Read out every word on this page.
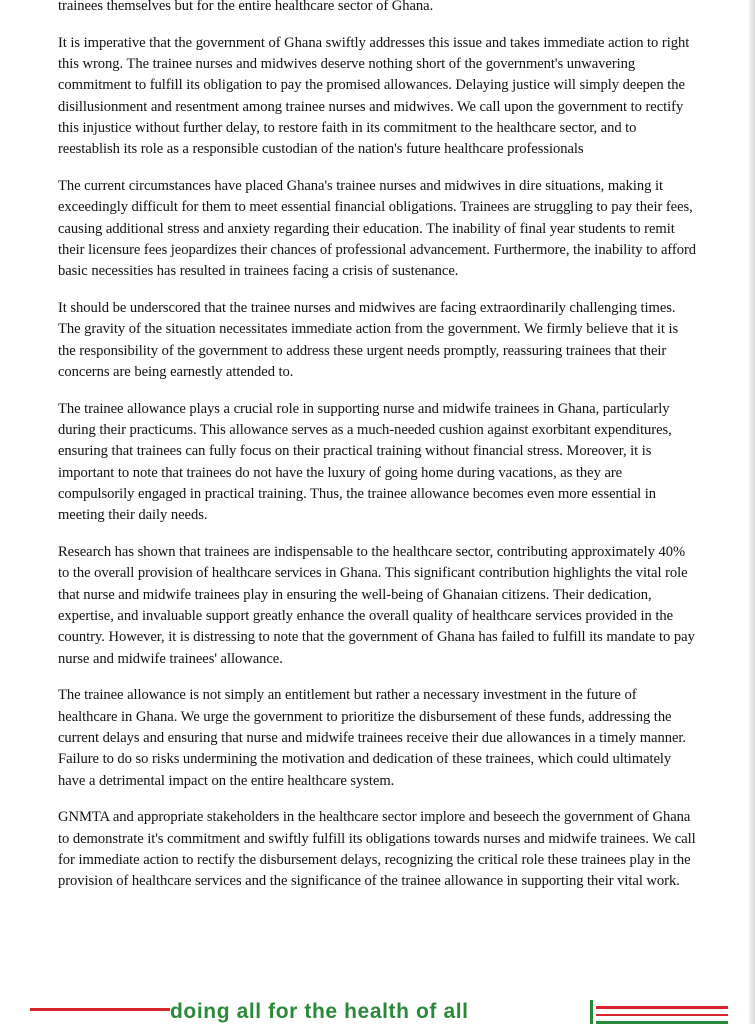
trainees themselves but for the entire healthcare sector of Ghana.

It is imperative that the government of Ghana swiftly addresses this issue and takes immediate action to right this wrong. The trainee nurses and midwives deserve nothing short of the government's unwavering commitment to fulfill its obligation to pay the promised allowances. Delaying justice will simply deepen the disillusionment and resentment among trainee nurses and midwives. We call upon the government to rectify this injustice without further delay, to restore faith in its commitment to the healthcare sector, and to reestablish its role as a responsible custodian of the nation's future healthcare professionals

The current circumstances have placed Ghana's trainee nurses and midwives in dire situations, making it exceedingly difficult for them to meet essential financial obligations. Trainees are struggling to pay their fees, causing additional stress and anxiety regarding their education. The inability of final year students to remit their licensure fees jeopardizes their chances of professional advancement. Furthermore, the inability to afford basic necessities has resulted in trainees facing a crisis of sustenance.

It should be underscored that the trainee nurses and midwives are facing extraordinarily challenging times. The gravity of the situation necessitates immediate action from the government. We firmly believe that it is the responsibility of the government to address these urgent needs promptly, reassuring trainees that their concerns are being earnestly attended to.

The trainee allowance plays a crucial role in supporting nurse and midwife trainees in Ghana, particularly during their practicums. This allowance serves as a much-needed cushion against exorbitant expenditures, ensuring that trainees can fully focus on their practical training without financial stress. Moreover, it is important to note that trainees do not have the luxury of going home during vacations, as they are compulsorily engaged in practical training. Thus, the trainee allowance becomes even more essential in meeting their daily needs.

Research has shown that trainees are indispensable to the healthcare sector, contributing approximately 40% to the overall provision of healthcare services in Ghana. This significant contribution highlights the vital role that nurse and midwife trainees play in ensuring the well-being of Ghanaian citizens. Their dedication, expertise, and invaluable support greatly enhance the overall quality of healthcare services provided in the country. However, it is distressing to note that the government of Ghana has failed to fulfill its mandate to pay nurse and midwife trainees' allowance.

The trainee allowance is not simply an entitlement but rather a necessary investment in the future of healthcare in Ghana. We urge the government to prioritize the disbursement of these funds, addressing the current delays and ensuring that nurse and midwife trainees receive their due allowances in a timely manner. Failure to do so risks undermining the motivation and dedication of these trainees, which could ultimately have a detrimental impact on the entire healthcare system.

GNMTA and appropriate stakeholders in the healthcare sector implore and beseech the government of Ghana to demonstrate it's commitment and swiftly fulfill its obligations towards nurses and midwife trainees. We call for immediate action to rectify the disbursement delays, recognizing the critical role these trainees play in the provision of healthcare services and the significance of the trainee allowance in supporting their vital work.

doing all for the health of all
